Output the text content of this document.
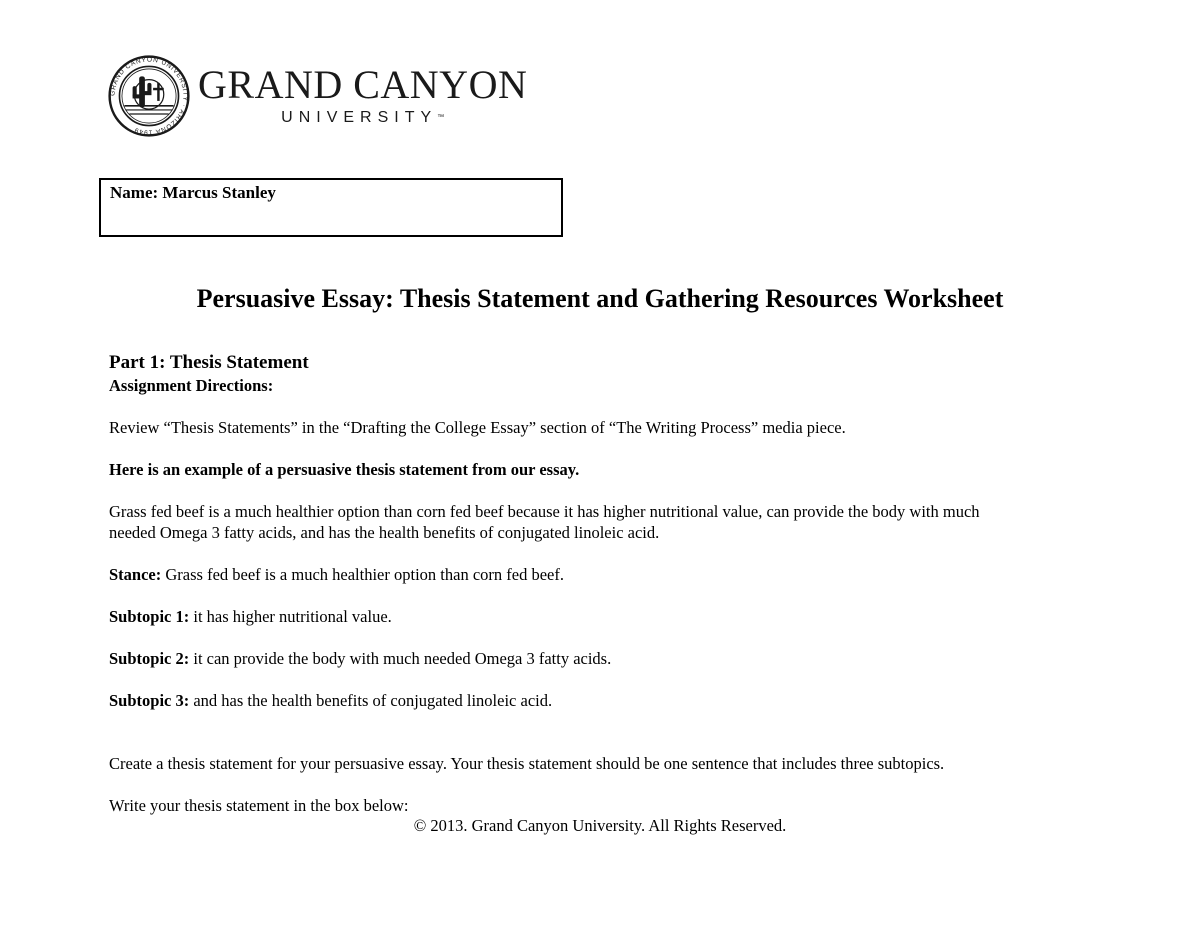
GRAND CANYON UNIVERSITY · ARIZONA 1949
GRAND CANYON
UNIVERSITY™
Name: Marcus Stanley
Persuasive Essay: Thesis Statement and Gathering Resources Worksheet
Part 1: Thesis Statement
Assignment Directions:
Review “Thesis Statements” in the “Drafting the College Essay” section of “The Writing Process” media piece.
Here is an example of a persuasive thesis statement from our essay.
Grass fed beef is a much healthier option than corn fed beef because it has higher nutritional value, can provide the body with much
needed Omega 3 fatty acids, and has the health benefits of conjugated linoleic acid.
Stance: Grass fed beef is a much healthier option than corn fed beef.
Subtopic 1: it has higher nutritional value.
Subtopic 2: it can provide the body with much needed Omega 3 fatty acids.
Subtopic 3: and has the health benefits of conjugated linoleic acid.
Create a thesis statement for your persuasive essay. Your thesis statement should be one sentence that includes three subtopics.
Write your thesis statement in the box below:
© 2013. Grand Canyon University. All Rights Reserved.
